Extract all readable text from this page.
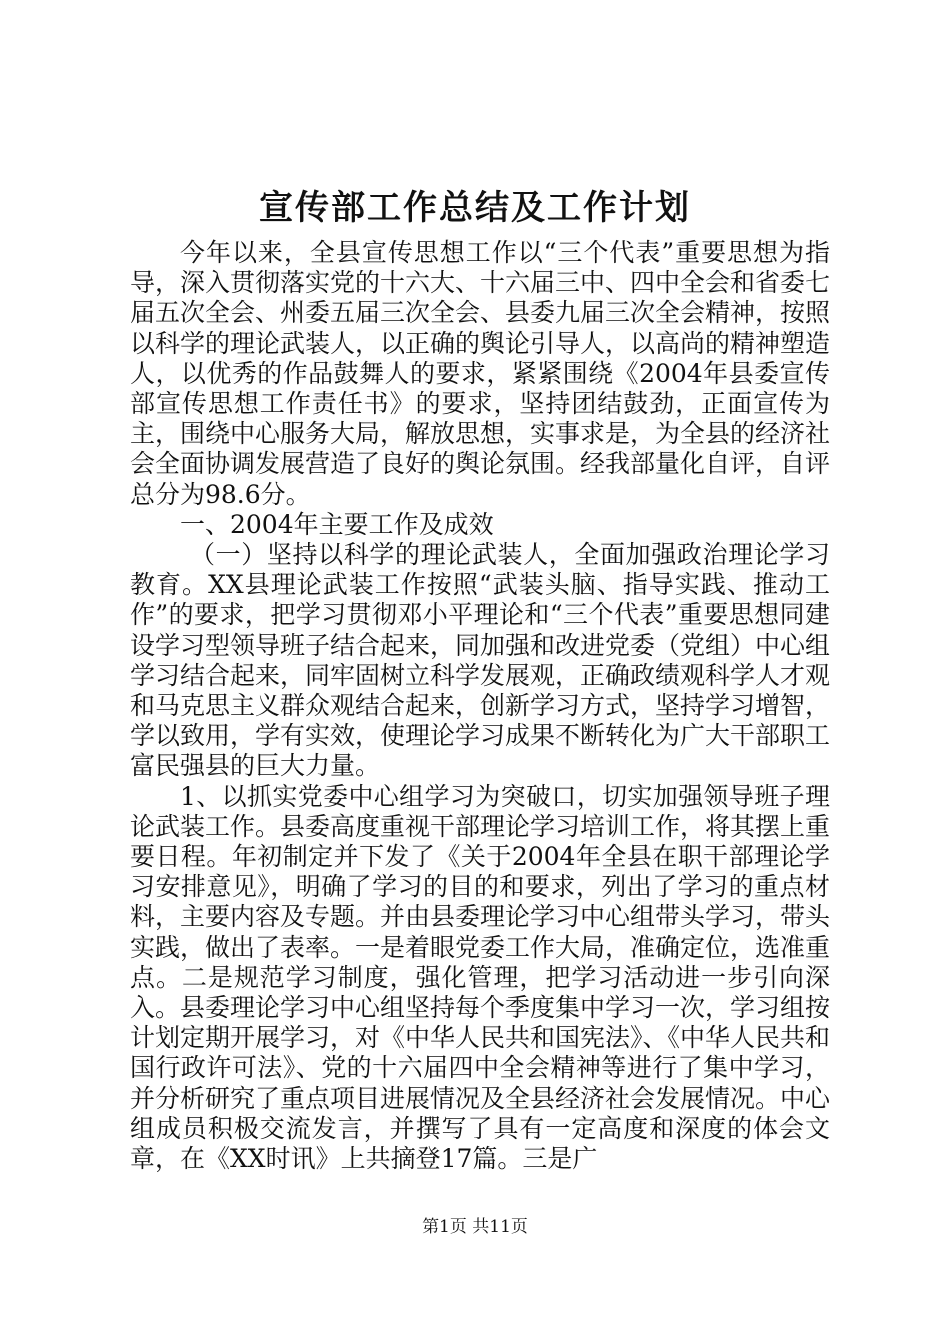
宣传部工作总结及工作计划

今年以来，全县宣传思想工作以“三个代表”重要思想为指导，深入贯彻落实党的十六大、十六届三中、四中全会和省委七届五次全会、州委五届三次全会、县委九届三次全会精神，按照以科学的理论武装人，以正确的舆论引导人，以高尚的精神塑造人，以优秀的作品鼓舞人的要求，紧紧围绕《2004年县委宣传部宣传思想工作责任书》的要求，坚持团结鼓劲，正面宣传为主，围绕中心服务大局，解放思想，实事求是，为全县的经济社会全面协调发展营造了良好的舆论氛围。经我部量化自评，自评总分为98.6分。

一、2004年主要工作及成效

（一）坚持以科学的理论武装人，全面加强政治理论学习教育。XX县理论武装工作按照“武装头脑、指导实践、推动工作”的要求，把学习贯彻邓小平理论和“三个代表”重要思想同建设学习型领导班子结合起来，同加强和改进党委（党组）中心组学习结合起来，同牢固树立科学发展观，正确政绩观科学人才观和马克思主义群众观结合起来，创新学习方式，坚持学习增智，学以致用，学有实效，使理论学习成果不断转化为广大干部职工富民强县的巨大力量。

1、以抓实党委中心组学习为突破口，切实加强领导班子理论武装工作。县委高度重视干部理论学习培训工作，将其摆上重要日程。年初制定并下发了《关于2004年全县在职干部理论学习安排意见》，明确了学习的目的和要求，列出了学习的重点材料，主要内容及专题。并由县委理论学习中心组带头学习，带头实践，做出了表率。一是着眼党委工作大局，准确定位，选准重点。二是规范学习制度，强化管理，把学习活动进一步引向深入。县委理论学习中心组坚持每个季度集中学习一次，学习组按计划定期开展学习，对《中华人民共和国宪法》、《中华人民共和国行政许可法》、党的十六届四中全会精神等进行了集中学习，并分析研究了重点项目进展情况及全县经济社会发展情况。中心组成员积极交流发言，并撰写了具有一定高度和深度的体会文章，在《XX时讯》上共摘登17篇。三是广

第1页 共11页
